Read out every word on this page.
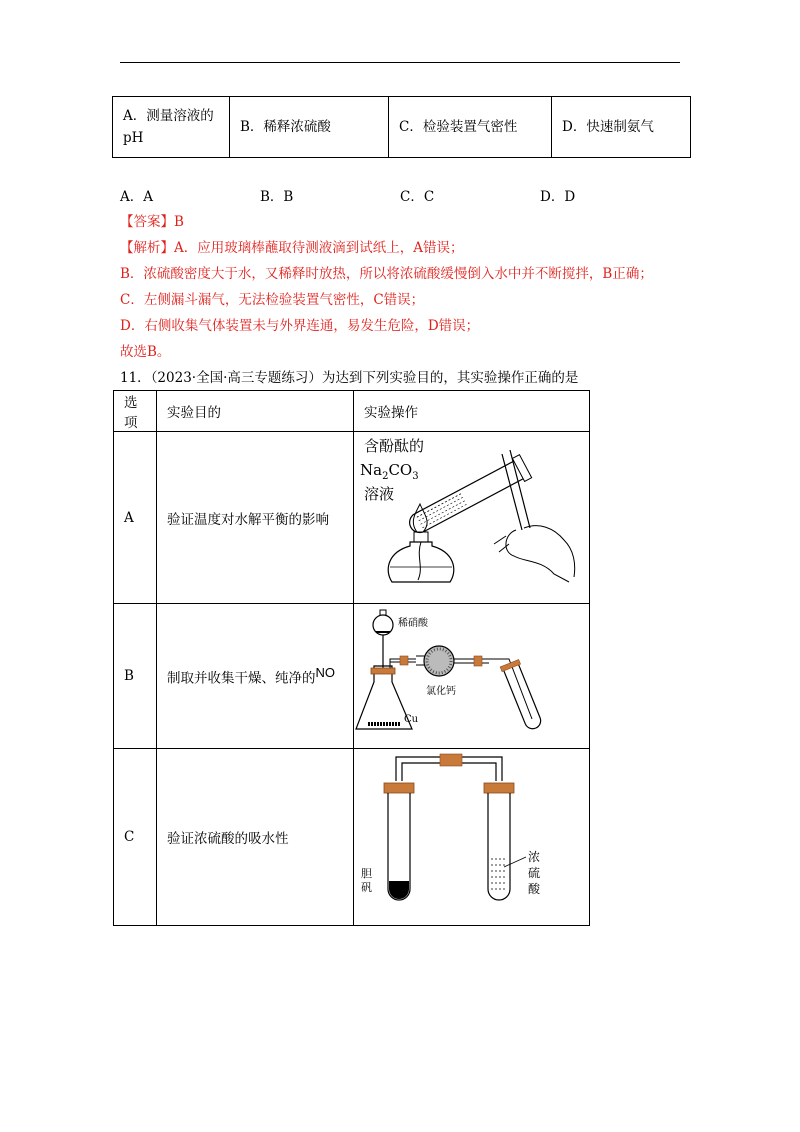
A．测量溶液的pH	B．稀释浓硫酸	C．检验装置气密性	D．快速制氨气
A．A	B．B	C．C	D．D
【答案】B
【解析】A．应用玻璃棒蘸取待测液滴到试纸上，A错误；
B．浓硫酸密度大于水，又稀释时放热，所以将浓硫酸缓慢倒入水中并不断搅拌，B正确；
C．左侧漏斗漏气，无法检验装置气密性，C错误；
D．右侧收集气体装置未与外界连通，易发生危险，D错误；
故选B。
11．（2023·全国·高三专题练习）为达到下列实验目的，其实验操作正确的是
选项	实验目的	实验操作
A	验证温度对水解平衡的影响	含酚酞的
$Na_2CO_3$
溶液

B	制取并收集干燥、纯净的$^{NO}$	稀硝酸
Cu
氯化钙

C	验证浓硫酸的吸水性	胆
矾
浓
硫
酸
